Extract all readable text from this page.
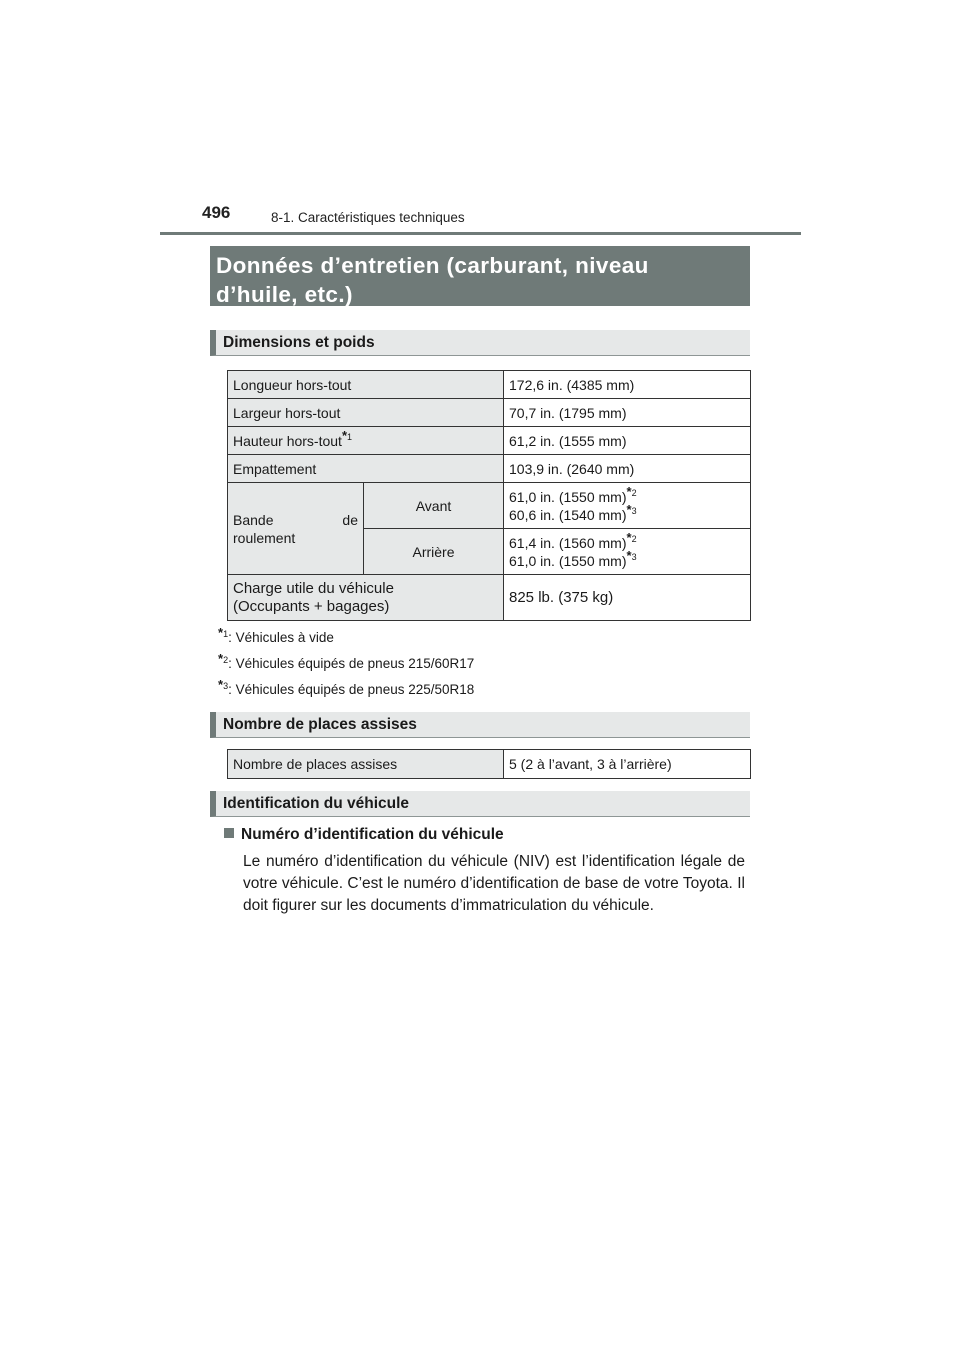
496	8-1. Caractéristiques techniques
Données d’entretien (carburant, niveau
d’huile, etc.)
Dimensions et poids
Longueur hors-tout		172,6 in. (4385 mm)
Largeur hors-tout		70,7 in. (1795 mm)
Hauteur hors-tout$^{*1}$		61,2 in. (1555 mm)
Empattement		103,9 in. (2640 mm)
Bande de
roulement	Avant	61,0 in. (1550 mm)$^{*2}$
60,6 in. (1540 mm)$^{*3}$
	Arrière	61,4 in. (1560 mm)$^{*2}$
61,0 in. (1550 mm)$^{*3}$
Charge utile du véhicule
(Occupants + bagages)		825 lb. (375 kg)
$^{*1}$: Véhicules à vide
$^{*2}$: Véhicules équipés de pneus 215/60R17
$^{*3}$: Véhicules équipés de pneus 225/50R18
Nombre de places assises
Nombre de places assises	5 (2 à l’avant, 3 à l’arrière)
Identification du véhicule
Numéro d’identification du véhicule
Le numéro d’identification du véhicule (NIV) est l’identification légale de votre véhicule. C’est le numéro d’identification de base de votre Toyota. Il doit figurer sur les documents d’immatriculation du véhicule.
